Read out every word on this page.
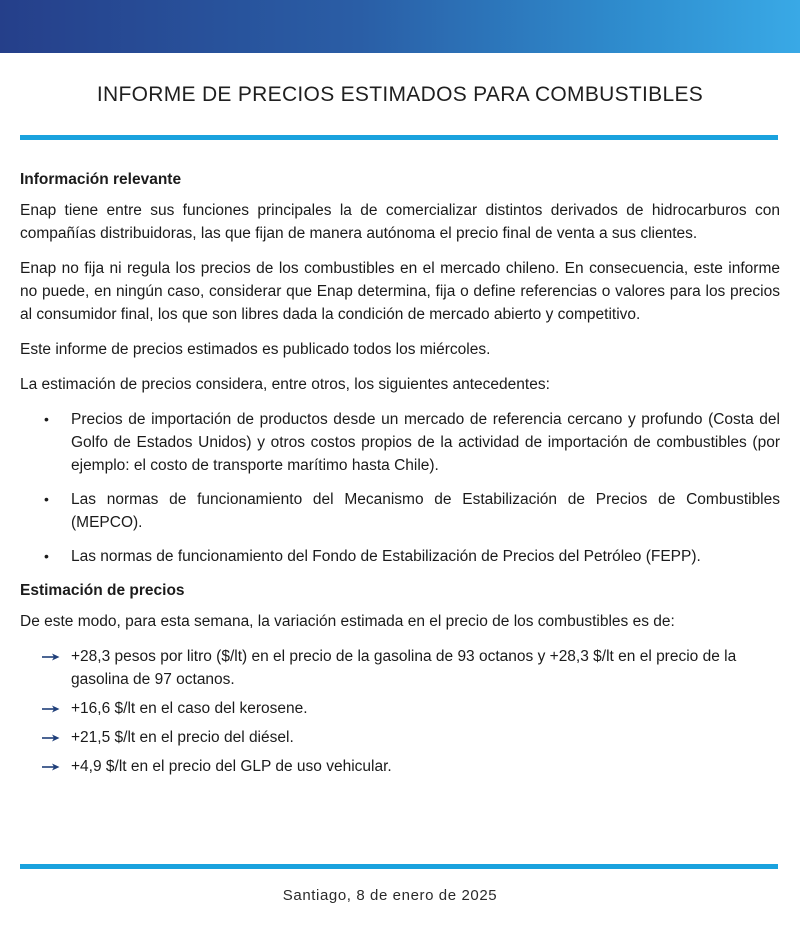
INFORME DE PRECIOS ESTIMADOS PARA COMBUSTIBLES
Información relevante
Enap tiene entre sus funciones principales la de comercializar distintos derivados de hidrocarburos con compañías distribuidoras, las que fijan de manera autónoma el precio final de venta a sus clientes.
Enap no fija ni regula los precios de los combustibles en el mercado chileno. En consecuencia, este informe no puede, en ningún caso, considerar que Enap determina, fija o define referencias o valores para los precios al consumidor final, los que son libres dada la condición de mercado abierto y competitivo.
Este informe de precios estimados es publicado todos los miércoles.
La estimación de precios considera, entre otros, los siguientes antecedentes:
• Precios de importación de productos desde un mercado de referencia cercano y profundo (Costa del Golfo de Estados Unidos) y otros costos propios de la actividad de importación de combustibles (por ejemplo: el costo de transporte marítimo hasta Chile).
• Las normas de funcionamiento del Mecanismo de Estabilización de Precios de Combustibles (MEPCO).
• Las normas de funcionamiento del Fondo de Estabilización de Precios del Petróleo (FEPP).
Estimación de precios
De este modo, para esta semana, la variación estimada en el precio de los combustibles es de:
+28,3 pesos por litro ($/lt) en el precio de la gasolina de 93 octanos y +28,3 $/lt en el precio de la gasolina de 97 octanos.
+16,6 $/lt en el caso del kerosene.
+21,5 $/lt en el precio del diésel.
+4,9 $/lt en el precio del GLP de uso vehicular.
Santiago, 8 de enero de 2025
